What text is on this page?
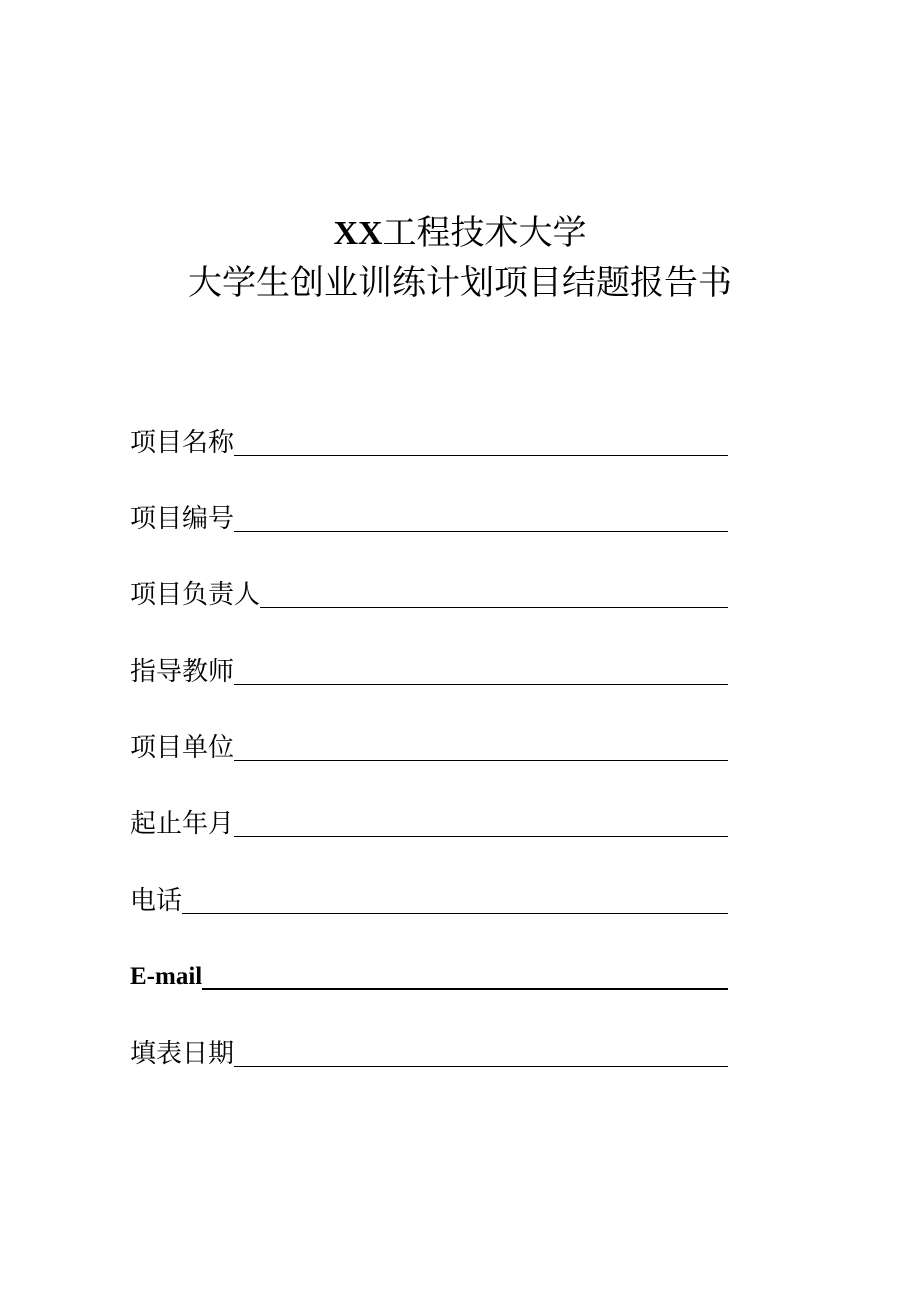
XX工程技术大学
大学生创业训练计划项目结题报告书
项目名称
项目编号
项目负责人
指导教师
项目单位
起止年月
电话
E-mail
填表日期
